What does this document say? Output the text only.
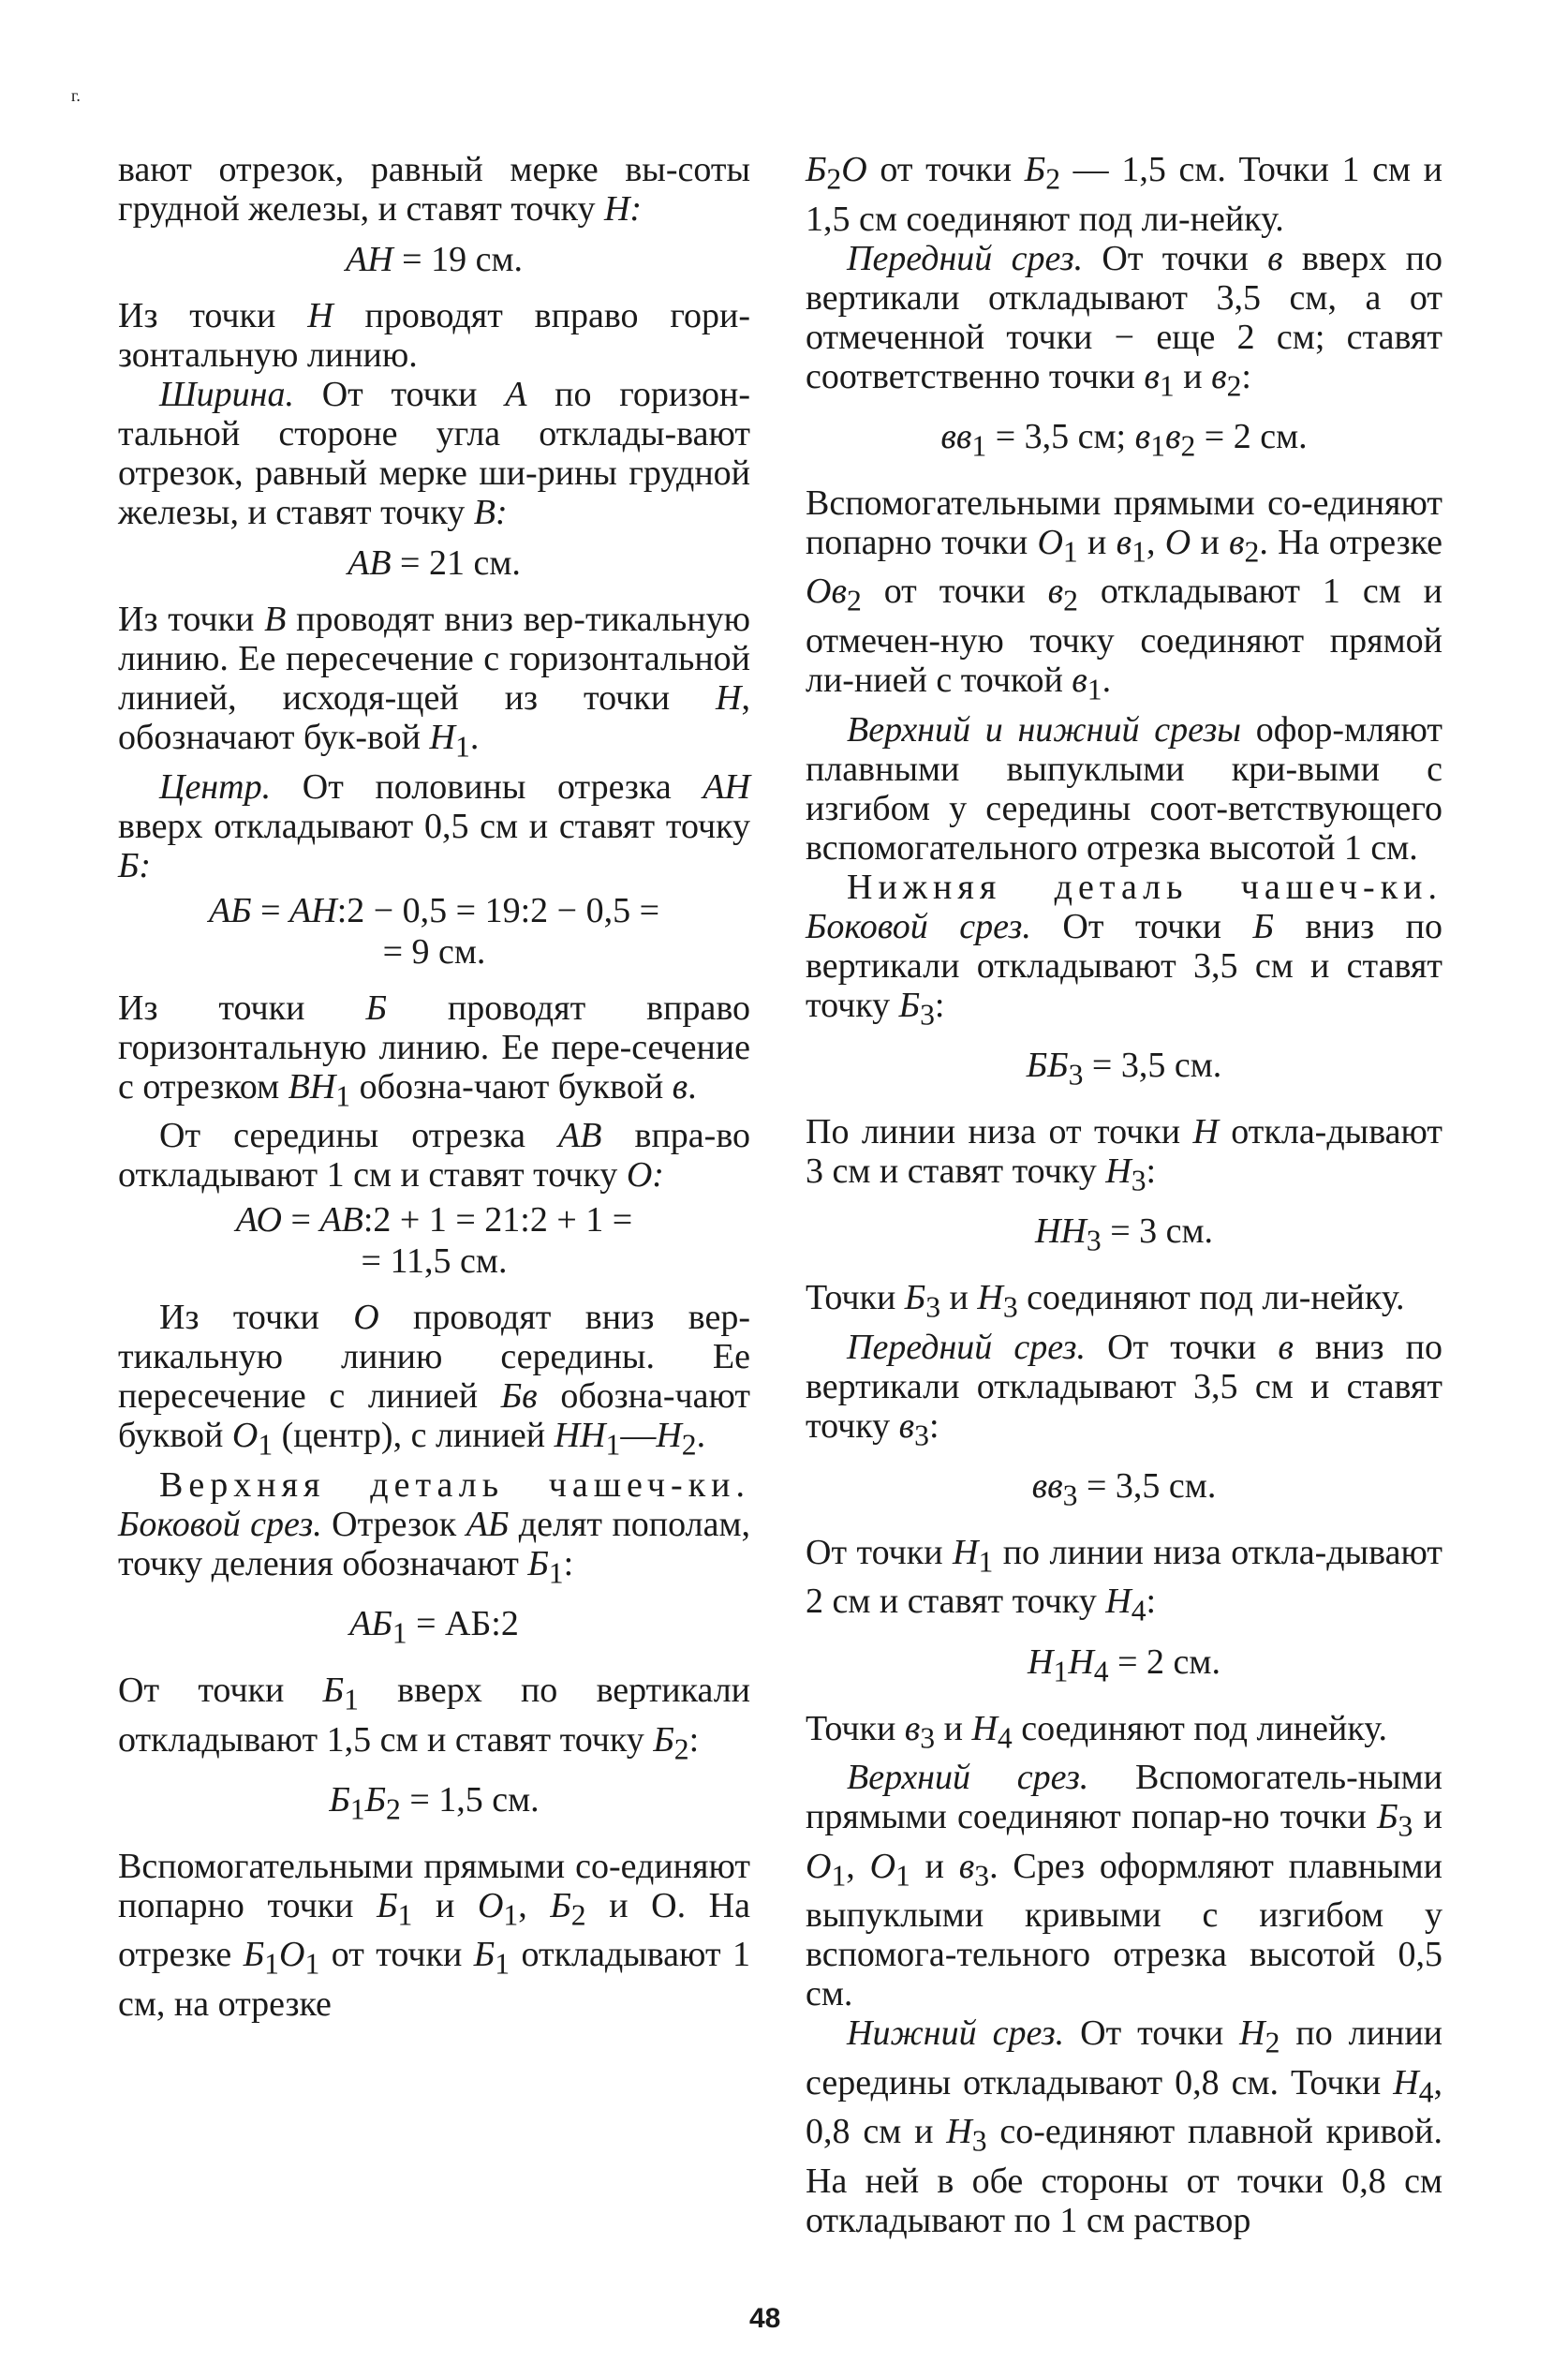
г.

вают отрезок, равный мерке вы-соты грудной железы, и ставят точку Н:

АН = 19 см.

Из точки Н проводят вправо гори-зонтальную линию.

Ширина. От точки А по горизон-тальной стороне угла отклады-вают отрезок, равный мерке ши-рины грудной железы, и ставят точку В:

АВ = 21 см.

Из точки В проводят вниз вер-тикальную линию. Ее пересечение с горизонтальной линией, исходя-щей из точки Н, обозначают бук-вой $Н_1$.

Центр. От половины отрезка АН вверх откладывают 0,5 см и ставят точку Б:

АБ = АН:2 − 0,5 = 19:2 − 0,5 =

= 9 см.

Из точки Б проводят вправо горизонтальную линию. Ее пере-сечение с отрезком $ВН_1$ обозна-чают буквой в.

От середины отрезка АВ впра-во откладывают 1 см и ставят точку О:

АО = АВ:2 + 1 = 21:2 + 1 =

= 11,5 см.

Из точки О проводят вниз вер-тикальную линию середины. Ее пересечение с линией Бв обозна-чают буквой $О_1$ (центр), с линией $НН_1—Н_2$.

Верхняя деталь чашеч-ки. Боковой срез. Отрезок АБ делят пополам, точку деления обозначают $Б_1$:

$АБ_1$ = АБ:2

От точки $Б_1$ вверх по вертикали откладывают 1,5 см и ставят точку $Б_2$:

$Б_1Б_2 = 1,5$ см.

Вспомогательными прямыми со-единяют попарно точки $Б_1$ и $О_1$, $Б_2$ и О. На отрезке $Б_1О_1$ от точки $Б_1$ откладывают 1 см, на отрезке

$Б_2О$ от точки $Б_2$ — 1,5 см. Точки 1 см и 1,5 см соединяют под ли-нейку.

Передний срез. От точки в вверх по вертикали откладывают 3,5 см, а от отмеченной точки − еще 2 см; ставят соответственно точки $в_1$ и $в_2$:

$вв_1 = 3,5$ см; $в_1в_2 = 2$ см.

Вспомогательными прямыми со-единяют попарно точки $О_1$ и $в_1$, О и $в_2$. На отрезке $Ов_2$ от точки $в_2$ откладывают 1 см и отмечен-ную точку соединяют прямой ли-нией с точкой $в_1$.

Верхний и нижний срезы офор-мляют плавными выпуклыми кри-выми с изгибом у середины соот-ветствующего вспомогательного отрезка высотой 1 см.

Нижняя деталь чашеч-ки. Боковой срез. От точки Б вниз по вертикали откладывают 3,5 см и ставят точку $Б_3$:

$ББ_3 = 3,5$ см.

По линии низа от точки Н откла-дывают 3 см и ставят точку $Н_3$:

$НН_3 = 3$ см.

Точки $Б_3$ и $Н_3$ соединяют под ли-нейку.

Передний срез. От точки в вниз по вертикали откладывают 3,5 см и ставят точку $в_3$:

$вв_3 = 3,5$ см.

От точки $Н_1$ по линии низа откла-дывают 2 см и ставят точку $Н_4$:

$Н_1Н_4 = 2$ см.

Точки $в_3$ и $Н_4$ соединяют под линейку.

Верхний срез. Вспомогатель-ными прямыми соединяют попар-но точки $Б_3$ и $О_1$, $О_1$ и $в_3$. Срез оформляют плавными выпуклыми кривыми с изгибом у вспомога-тельного отрезка высотой 0,5 см.

Нижний срез. От точки $Н_2$ по линии середины откладывают 0,8 см. Точки $Н_4$, 0,8 см и $Н_3$ со-единяют плавной кривой. На ней в обе стороны от точки 0,8 см откладывают по 1 см раствор

48
